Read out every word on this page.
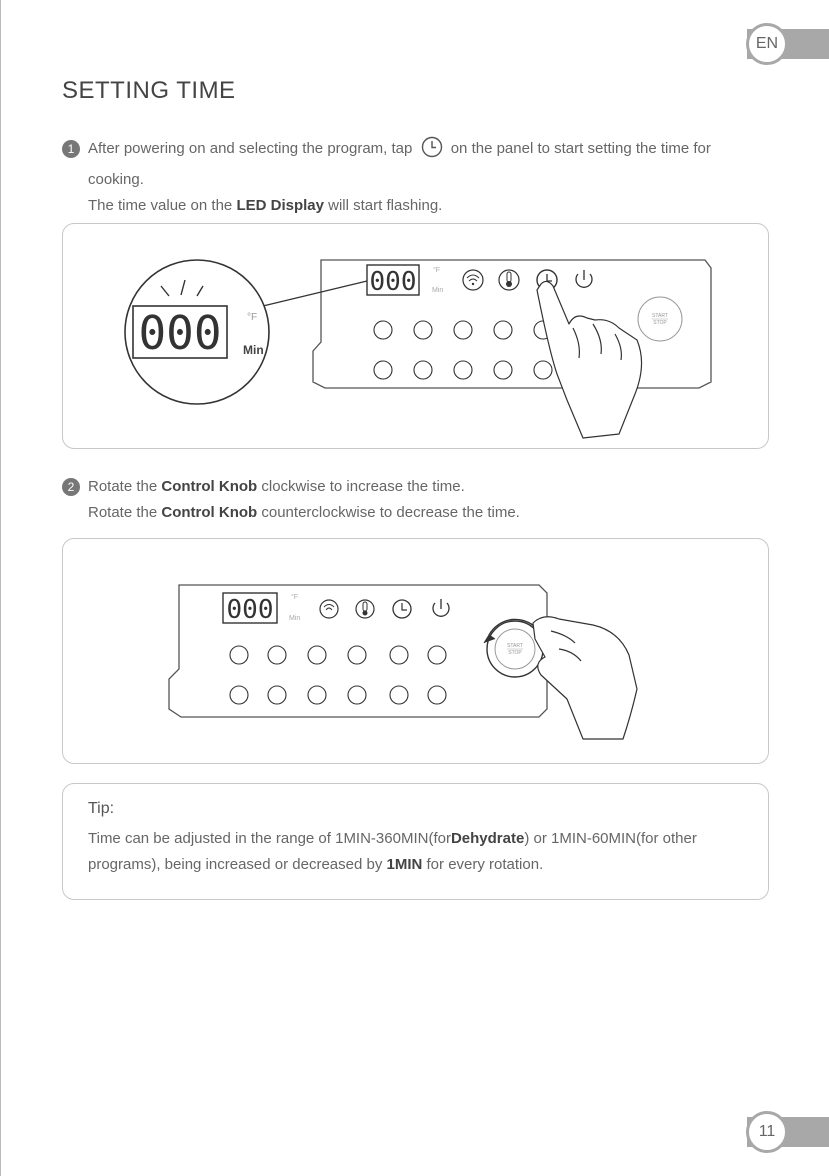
EN
SETTING TIME
1 After powering on and selecting the program, tap	on the panel to start setting the time for cooking.

The time value on the LED Display will start flashing.

000 °F
Min
START
STOP
000	°F
Min
2 Rotate the Control Knob clockwise to increase the time.

Rotate the Control Knob counterclockwise to decrease the time.

000	°F
Min
START
STOP
Tip:

Time can be adjusted in the range of 1MIN-360MIN(forDehydrate) or 1MIN-60MIN(for other programs), being increased or decreased by 1MIN for every rotation.

11
